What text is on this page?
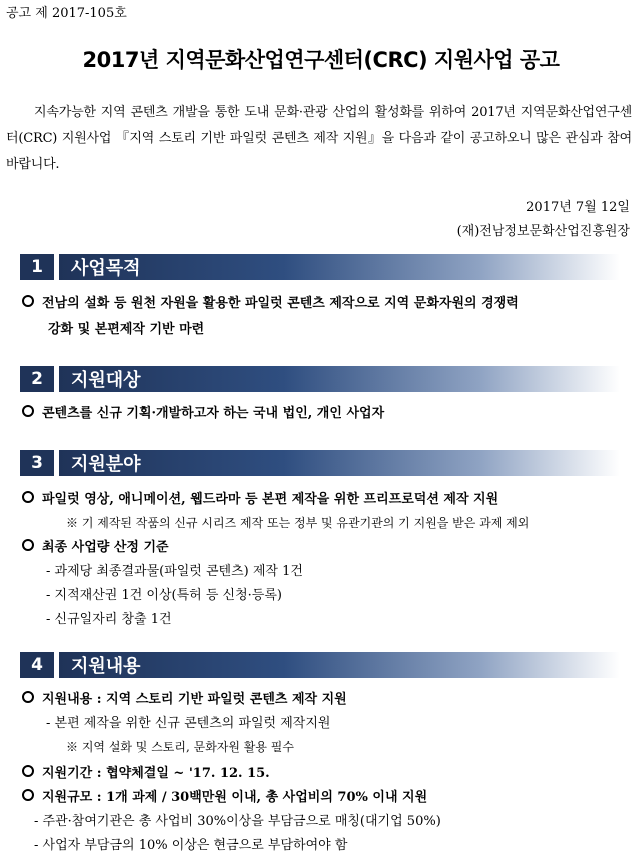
공고 제 2017-105호
2017년 지역문화산업연구센터(CRC) 지원사업 공고
지속가능한 지역 콘텐츠 개발을 통한 도내 문화·관광 산업의 활성화를 위하여 2017년 지역문화산업연구센터(CRC) 지원사업 『지역 스토리 기반 파일럿 콘텐츠 제작 지원』을 다음과 같이 공고하오니 많은 관심과 참여 바랍니다.
2017년 7월 12일
(재)전남정보문화산업진흥원장
1	사업목적
전남의 설화 등 원천 자원을 활용한 파일럿 콘텐츠 제작으로 지역 문화자원의 경쟁력
강화 및 본편제작 기반 마련
2	지원대상
콘텐츠를 신규 기획·개발하고자 하는 국내 법인, 개인 사업자
3	지원분야
파일럿 영상, 애니메이션, 웹드라마 등 본편 제작을 위한 프리프로덕션 제작 지원
※ 기 제작된 작품의 신규 시리즈 제작 또는 정부 및 유관기관의 기 지원을 받은 과제 제외
최종 사업량 산정 기준
- 과제당 최종결과물(파일럿 콘텐츠) 제작 1건
- 지적재산권 1건 이상(특허 등 신청·등록)
- 신규일자리 창출 1건
4	지원내용
지원내용 : 지역 스토리 기반 파일럿 콘텐츠 제작 지원
- 본편 제작을 위한 신규 콘텐츠의 파일럿 제작지원
※ 지역 설화 및 스토리, 문화자원 활용 필수
지원기간 : 협약체결일 ~ '17. 12. 15.
지원규모 : 1개 과제 / 30백만원 이내, 총 사업비의 70% 이내 지원
- 주관·참여기관은 총 사업비 30%이상을 부담금으로 매칭(대기업 50%)
- 사업자 부담금의 10% 이상은 현금으로 부담하여야 함
